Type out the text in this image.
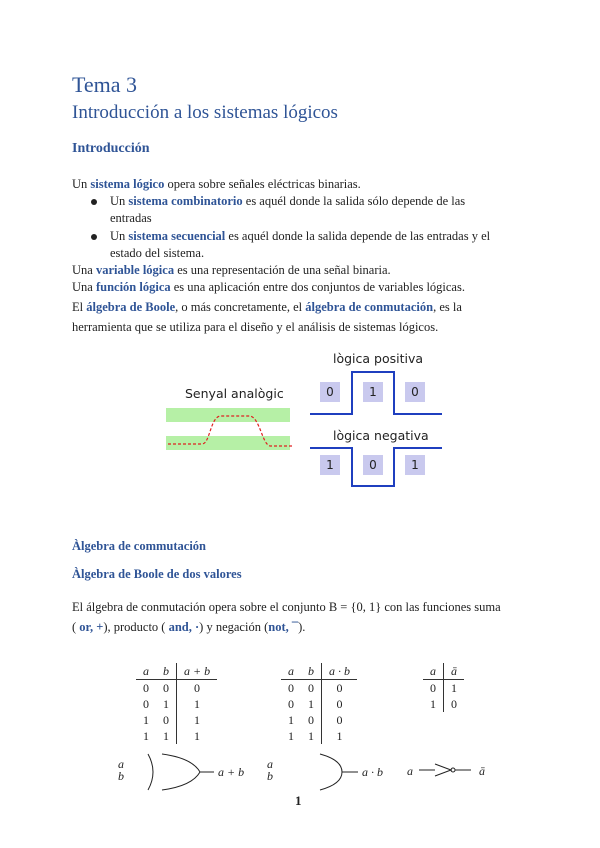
Tema 3
Introducción a los sistemas lógicos
Introducción
Un sistema lógico opera sobre señales eléctricas binarias.
Un sistema combinatorio es aquél donde la salida sólo depende de las
entradas
Un sistema secuencial es aquél donde la salida depende de las entradas y el
estado del sistema.
Una variable lógica es una representación de una señal binaria.
Una función lógica es una aplicación entre dos conjuntos de variables lógicas.
El álgebra de Boole, o más concretamente, el álgebra de conmutación, es la
herramienta que se utiliza para el diseño y el análisis de sistemas lógicos.
Senyal analògic
lògica positiva
0	1	0
lògica negativa
1	0	1
Àlgebra de commutación
Àlgebra de Boole de dos valores
El álgebra de conmutación opera sobre el conjunto B = {0, 1} con las funciones suma
( or, +), producto ( and, ·) y negación (not, ¯).
a	b	a + b
0	0	0
0	1	1
1	0	1
1	1	1
a	b	a · b
0	0	0
0	1	0
1	0	0
1	1	1
a	ā
0	1
1	0
a
b	a + b
a
b	a · b a	ā
1
